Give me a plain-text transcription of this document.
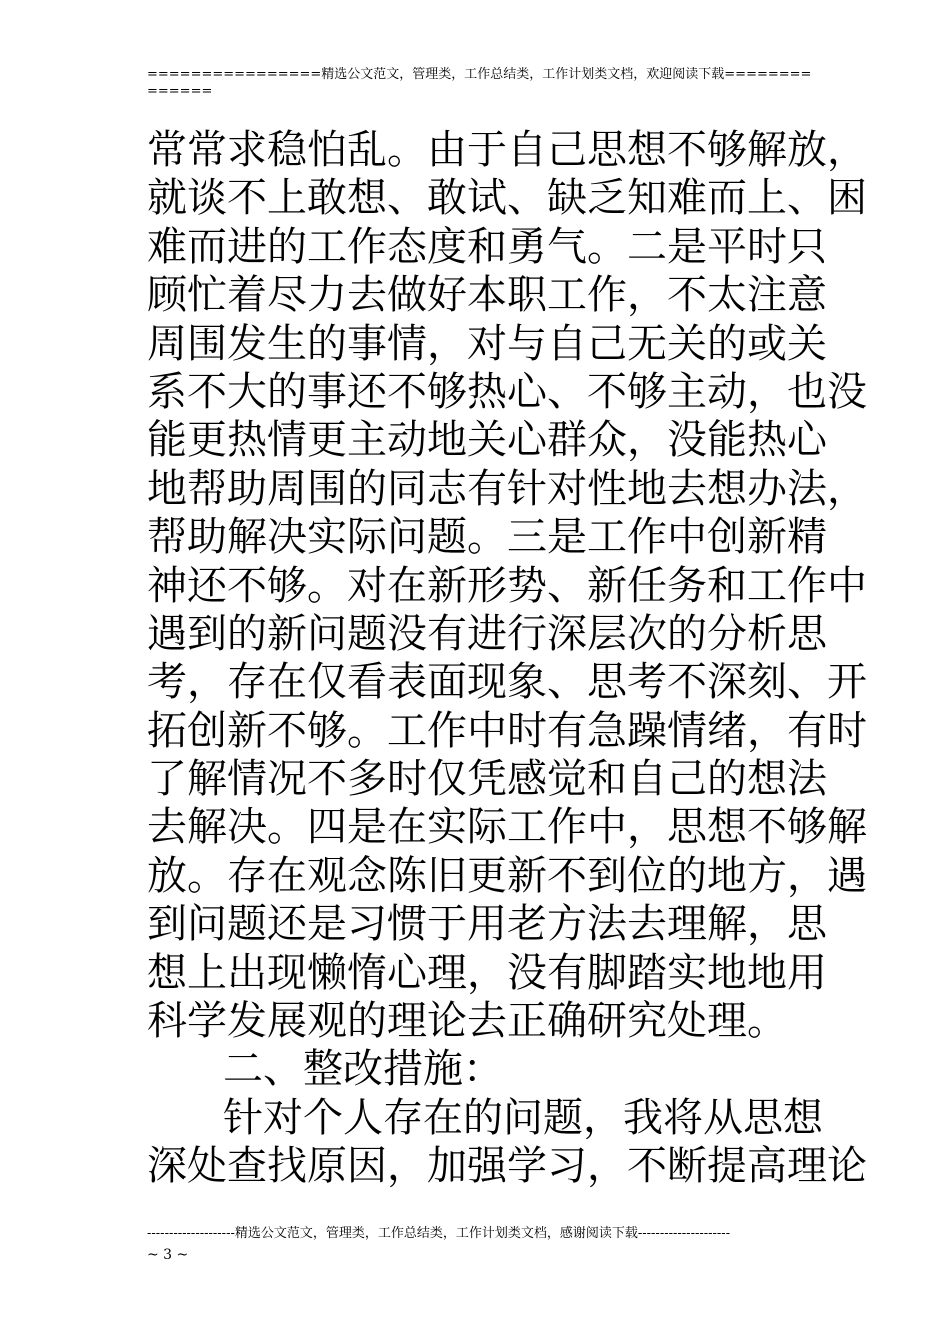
================精选公文范文，管理类，工作总结类，工作计划类文档，欢迎阅读下载==============
常常求稳怕乱。由于自己思想不够解放，
就谈不上敢想、敢试、缺乏知难而上、困
难而进的工作态度和勇气。二是平时只
顾忙着尽力去做好本职工作，不太注意
周围发生的事情，对与自己无关的或关
系不大的事还不够热心、不够主动，也没
能更热情更主动地关心群众，没能热心
地帮助周围的同志有针对性地去想办法，
帮助解决实际问题。三是工作中创新精
神还不够。对在新形势、新任务和工作中
遇到的新问题没有进行深层次的分析思
考，存在仅看表面现象、思考不深刻、开
拓创新不够。工作中时有急躁情绪，有时
了解情况不多时仅凭感觉和自己的想法
去解决。四是在实际工作中，思想不够解
放。存在观念陈旧更新不到位的地方，遇
到问题还是习惯于用老方法去理解，思
想上出现懒惰心理，没有脚踏实地地用
科学发展观的理论去正确研究处理。
二、整改措施：
针对个人存在的问题，我将从思想
深处查找原因，加强学习，不断提高理论
--------------------精选公文范文，管理类，工作总结类，工作计划类文档，感谢阅读下载---------------------
~ 3 ~
